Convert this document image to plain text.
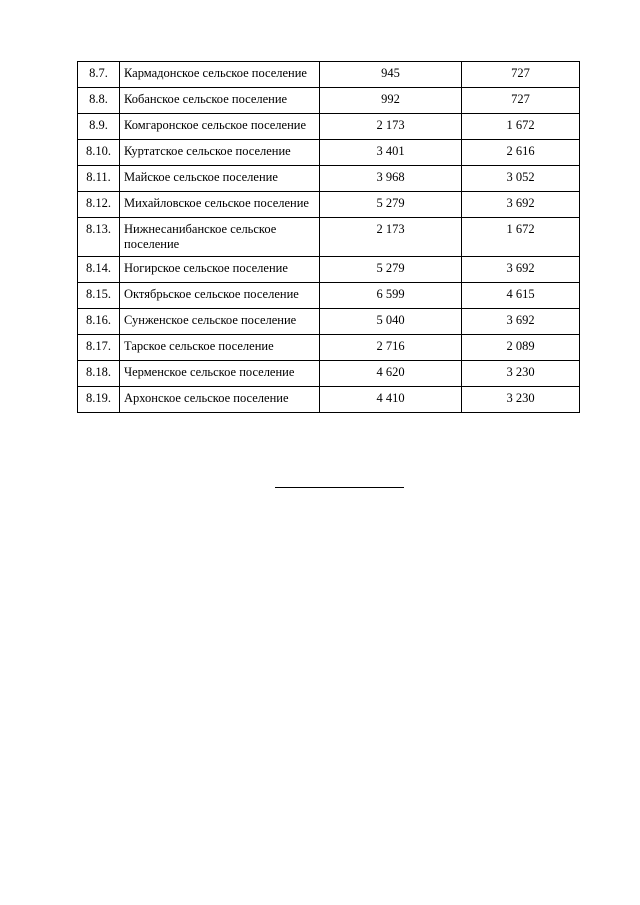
8.7.	Кармадонское сельское поселение	945	727
8.8.	Кобанское сельское поселение	992	727
8.9.	Комгаронское сельское поселение	2 173	1 672
8.10.	Куртатское сельское поселение	3 401	2 616
8.11.	Майское сельское поселение	3 968	3 052
8.12.	Михайловское сельское поселение	5 279	3 692
8.13.	Нижнесанибанское сельское поселение	2 173	1 672
8.14.	Ногирское сельское поселение	5 279	3 692
8.15.	Октябрьское сельское поселение	6 599	4 615
8.16.	Сунженское сельское поселение	5 040	3 692
8.17.	Тарское сельское поселение	2 716	2 089
8.18.	Черменское сельское поселение	4 620	3 230
8.19.	Архонское сельское поселение	4 410	3 230
